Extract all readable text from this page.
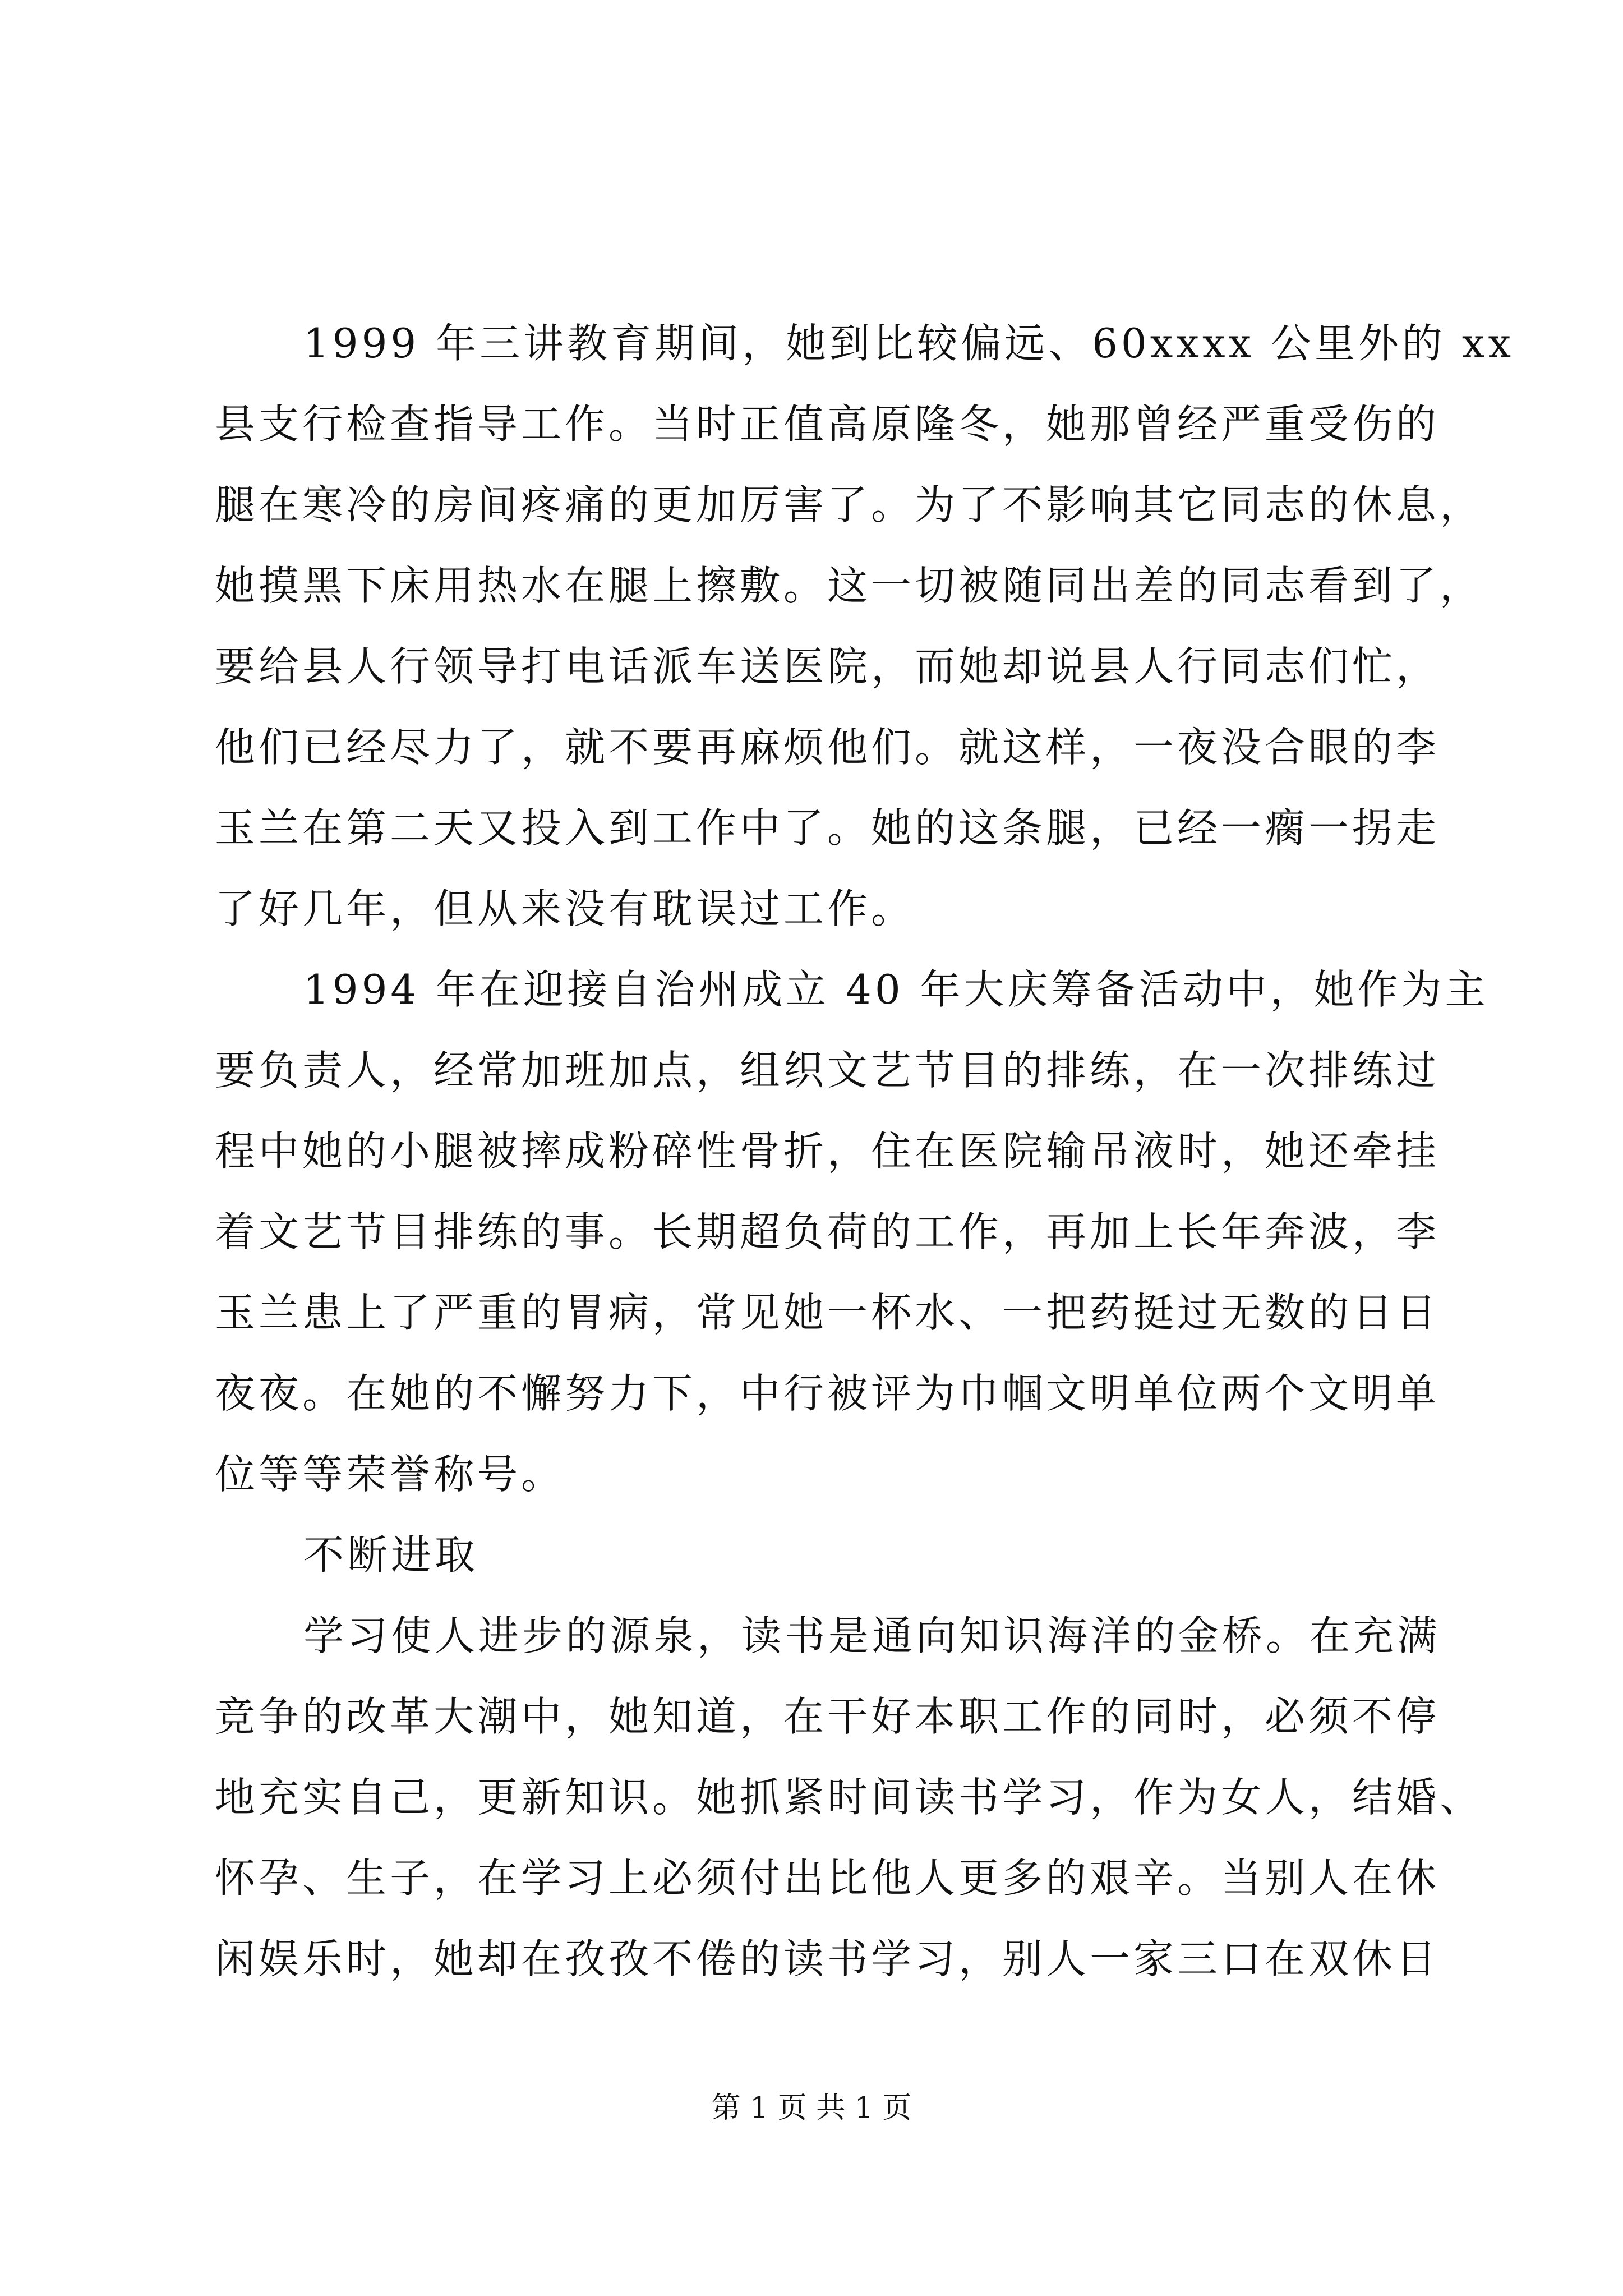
1999 年三讲教育期间，她到比较偏远、60xxxx 公里外的 xx
县支行检查指导工作。当时正值高原隆冬，她那曾经严重受伤的
腿在寒冷的房间疼痛的更加厉害了。为了不影响其它同志的休息，
她摸黑下床用热水在腿上擦敷。这一切被随同出差的同志看到了，
要给县人行领导打电话派车送医院，而她却说县人行同志们忙，
他们已经尽力了，就不要再麻烦他们。就这样，一夜没合眼的李
玉兰在第二天又投入到工作中了。她的这条腿，已经一瘸一拐走
了好几年，但从来没有耽误过工作。
1994 年在迎接自治州成立 40 年大庆筹备活动中，她作为主
要负责人，经常加班加点，组织文艺节目的排练，在一次排练过
程中她的小腿被摔成粉碎性骨折，住在医院输吊液时，她还牵挂
着文艺节目排练的事。长期超负荷的工作，再加上长年奔波，李
玉兰患上了严重的胃病，常见她一杯水、一把药挺过无数的日日
夜夜。在她的不懈努力下，中行被评为巾帼文明单位两个文明单
位等等荣誉称号。
不断进取
学习使人进步的源泉，读书是通向知识海洋的金桥。在充满
竞争的改革大潮中，她知道，在干好本职工作的同时，必须不停
地充实自己，更新知识。她抓紧时间读书学习，作为女人，结婚、
怀孕、生子，在学习上必须付出比他人更多的艰辛。当别人在休
闲娱乐时，她却在孜孜不倦的读书学习，别人一家三口在双休日
第 1 页 共 1 页
